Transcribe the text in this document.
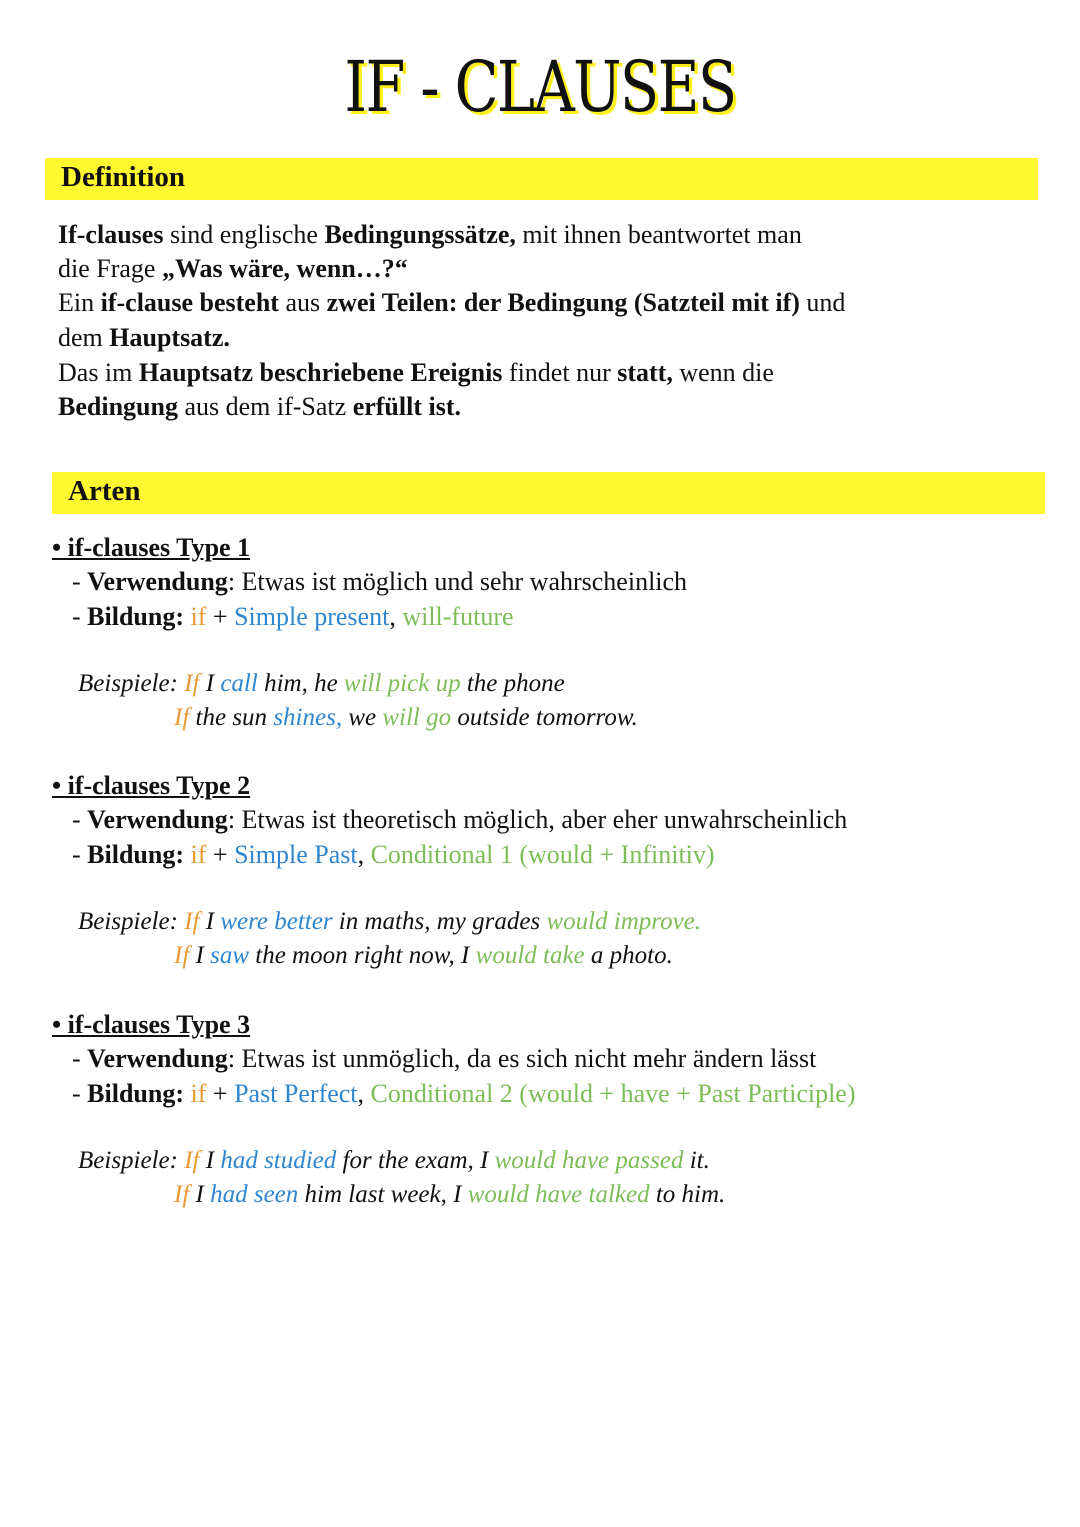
IF - CLAUSES
Definition
Arten
If-clauses sind englische Bedingungssätze, mit ihnen beantwortet man
die Frage „Was wäre, wenn…?“
Ein if-clause besteht aus zwei Teilen: der Bedingung (Satzteil mit if) und
dem Hauptsatz.
Das im Hauptsatz beschriebene Ereignis findet nur statt, wenn die
Bedingung aus dem if-Satz erfüllt ist.
• if-clauses Type 1
- Verwendung: Etwas ist möglich und sehr wahrscheinlich
- Bildung: if + Simple present, will-future
Beispiele: If I call him, he will pick up the phone
If the sun shines, we will go outside tomorrow.
• if-clauses Type 2
- Verwendung: Etwas ist theoretisch möglich, aber eher unwahrscheinlich
- Bildung: if + Simple Past, Conditional 1 (would + Infinitiv)
Beispiele: If I were better in maths, my grades would improve.
If I saw the moon right now, I would take a photo.
• if-clauses Type 3
- Verwendung: Etwas ist unmöglich, da es sich nicht mehr ändern lässt
- Bildung: if + Past Perfect, Conditional 2 (would + have + Past Participle)
Beispiele: If I had studied for the exam, I would have passed it.
If I had seen him last week, I would have talked to him.
